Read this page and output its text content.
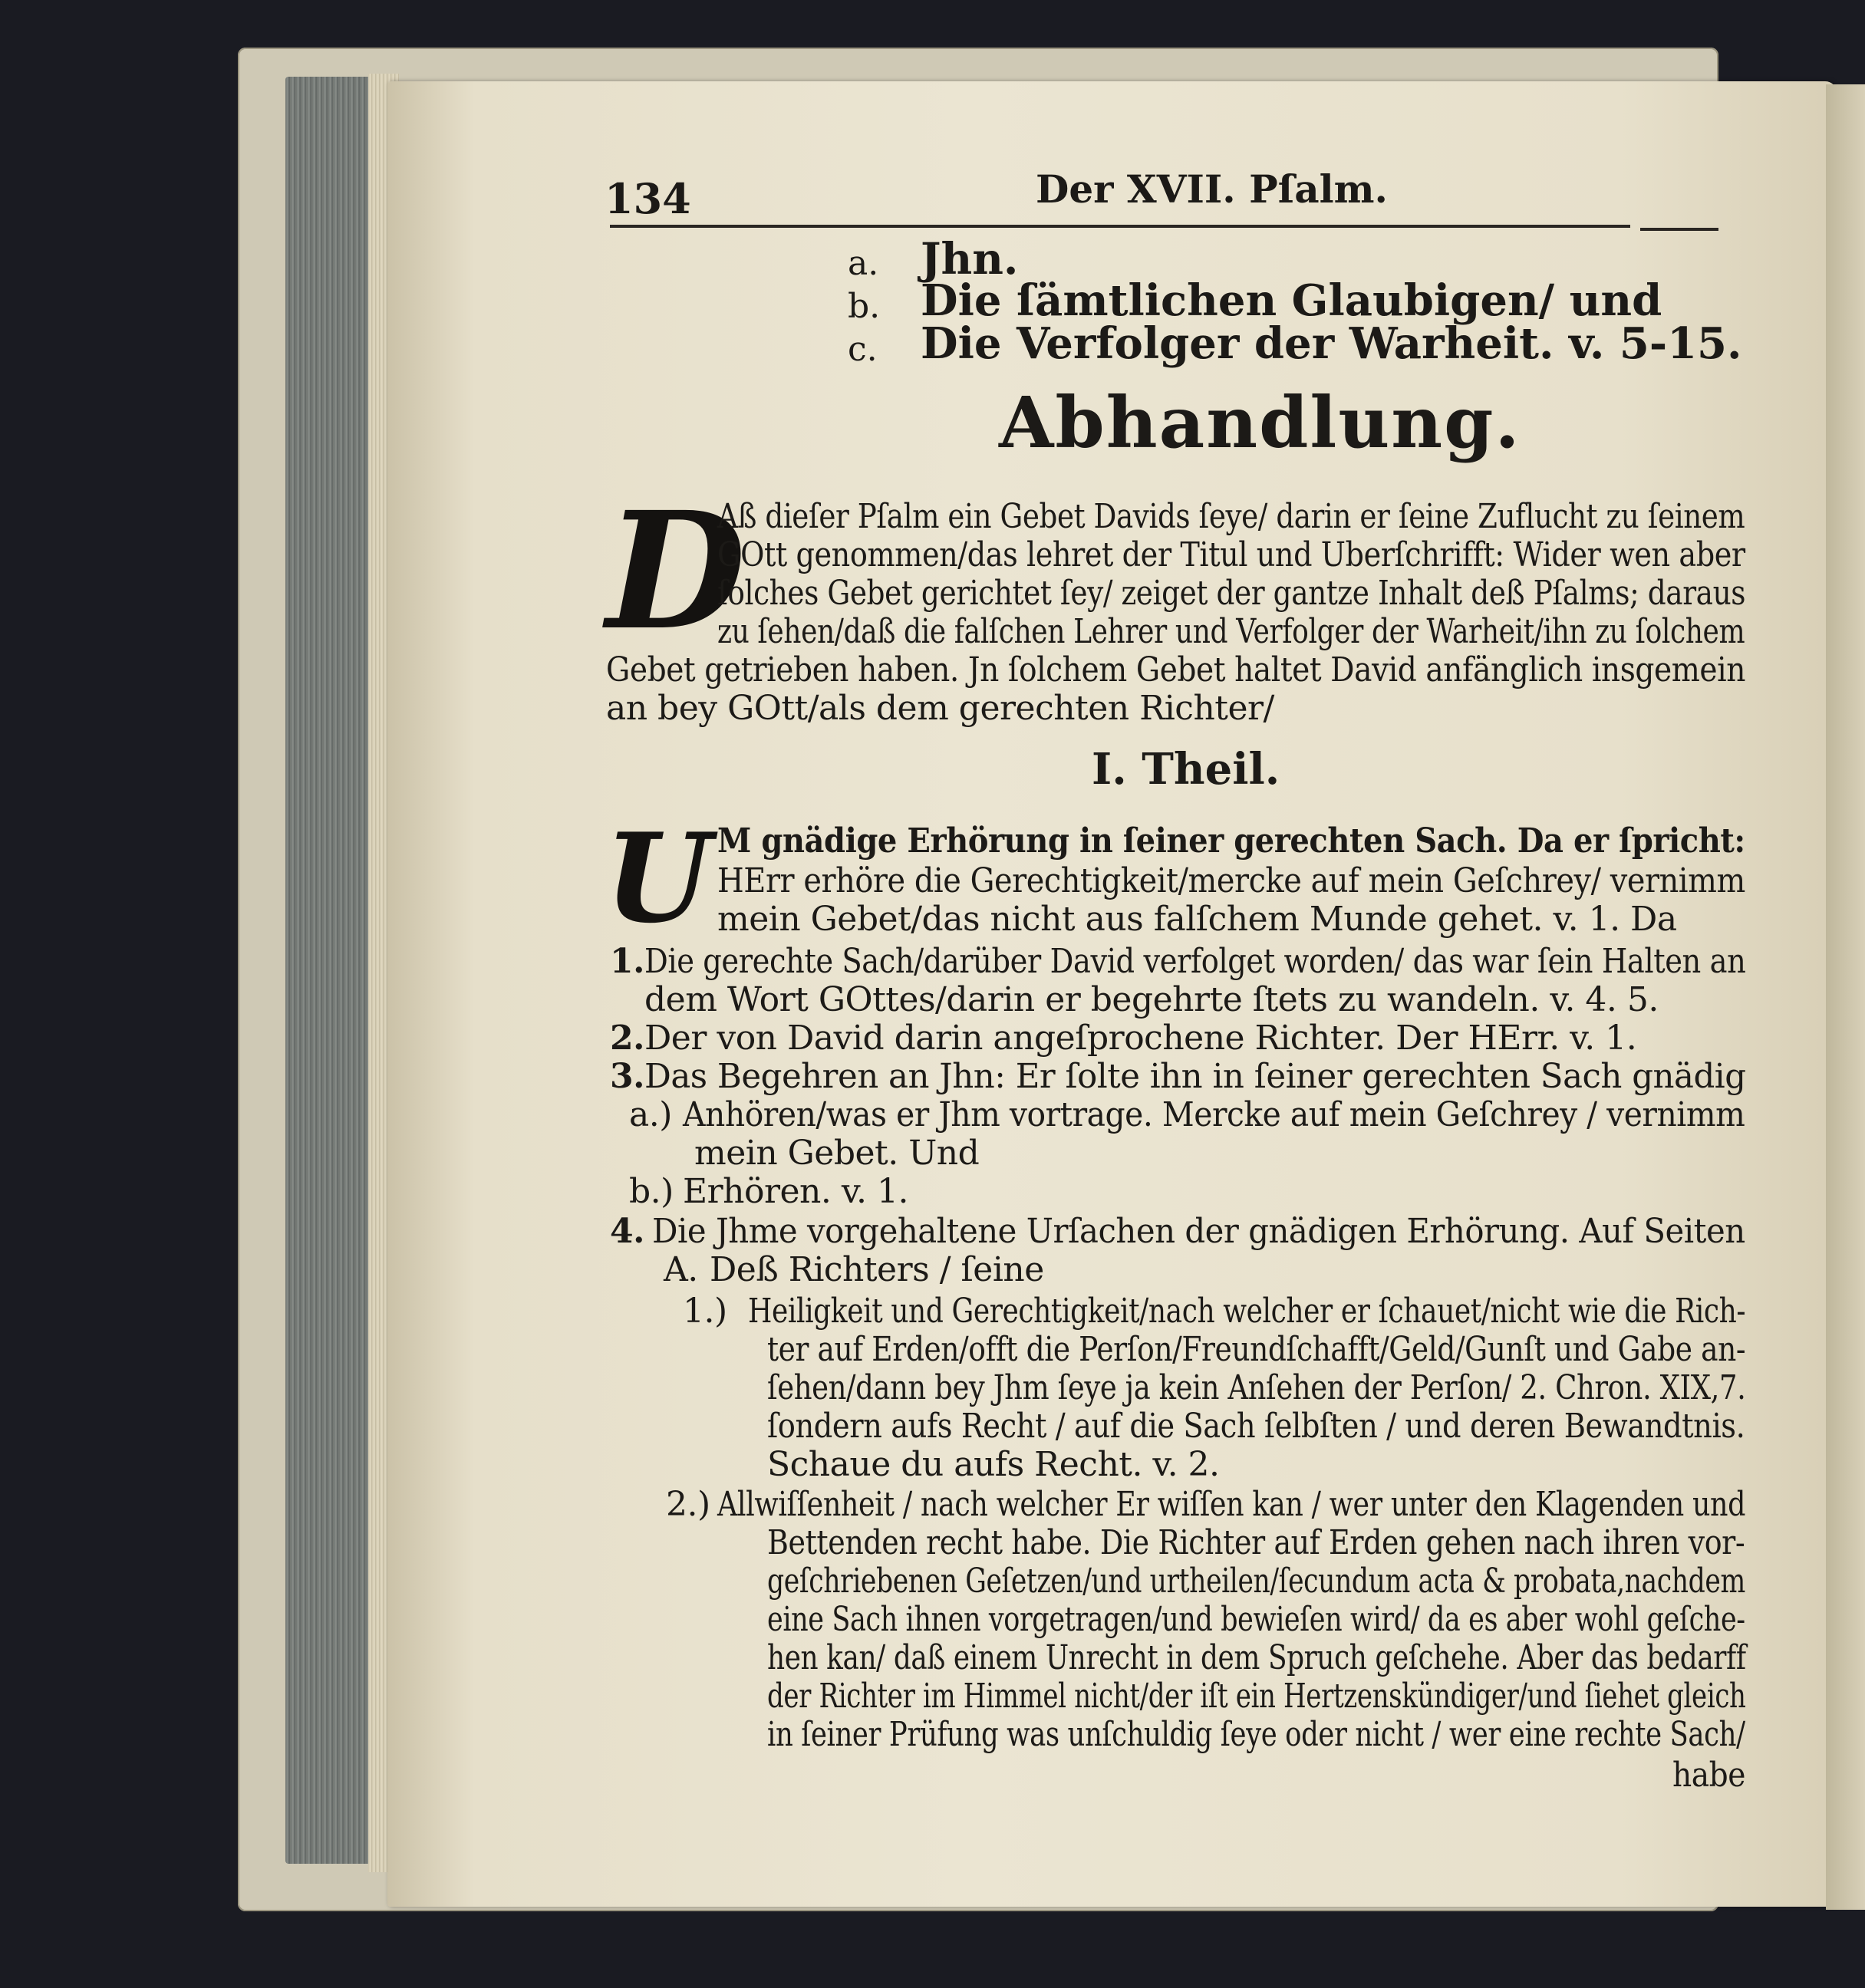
134	Der XVII. Pſalm.
a. Jhn.
b. Die ſämtlichen Glaubigen/ und
c. Die Verfolger der Warheit. v. 5-15.
Abhandlung.
D
Aß dieſer Pſalm ein Gebet Davids ſeye/ darin er ſeine Zuflucht zu ſeinem
GOtt genommen/das lehret der Titul und Uberſchrifft: Wider wen aber
ſolches Gebet gerichtet ſey/ zeiget der gantze Inhalt deß Pſalms; daraus
zu ſehen/daß die falſchen Lehrer und Verfolger der Warheit/ihn zu ſolchem
Gebet getrieben haben. Jn ſolchem Gebet haltet David anfänglich insgemein
an bey GOtt/als dem gerechten Richter/
I. Theil.
U M gnädige Erhörung in ſeiner gerechten Sach. Da er ſpricht:
HErr erhöre die Gerechtigkeit/mercke auf mein Geſchrey/ vernimm
mein Gebet/das nicht aus falſchem Munde gehet. v. 1. Da
1. Die gerechte Sach/darüber David verfolget worden/ das war ſein Halten an
dem Wort GOttes/darin er begehrte ſtets zu wandeln. v. 4. 5.
2. Der von David darin angeſprochene Richter. Der HErr. v. 1.
3. Das Begehren an Jhn: Er ſolte ihn in ſeiner gerechten Sach gnädig
a.) Anhören/was er Jhm vortrage. Mercke auf mein Geſchrey / vernimm
mein Gebet. Und
b.) Erhören. v. 1.
4. Die Jhme vorgehaltene Urſachen der gnädigen Erhörung. Auf Seiten
A. Deß Richters / ſeine
1.) Heiligkeit und Gerechtigkeit/nach welcher er ſchauet/nicht wie die Rich-
ter auf Erden/offt die Perſon/Freundſchafft/Geld/Gunſt und Gabe an-
ſehen/dann bey Jhm ſeye ja kein Anſehen der Perſon/ 2. Chron. XIX,7.
ſondern aufs Recht / auf die Sach ſelbſten / und deren Bewandtnis.
Schaue du aufs Recht. v. 2.
2.) Allwiſſenheit / nach welcher Er wiſſen kan / wer unter den Klagenden und
Bettenden recht habe. Die Richter auf Erden gehen nach ihren vor-
geſchriebenen Geſetzen/und urtheilen/ſecundum acta & probata,nachdem
eine Sach ihnen vorgetragen/und bewieſen wird/ da es aber wohl geſche-
hen kan/ daß einem Unrecht in dem Spruch geſchehe. Aber das bedarff
der Richter im Himmel nicht/der iſt ein Hertzenskündiger/und ſiehet gleich
in ſeiner Prüfung was unſchuldig ſeye oder nicht / wer eine rechte Sach/
habe
